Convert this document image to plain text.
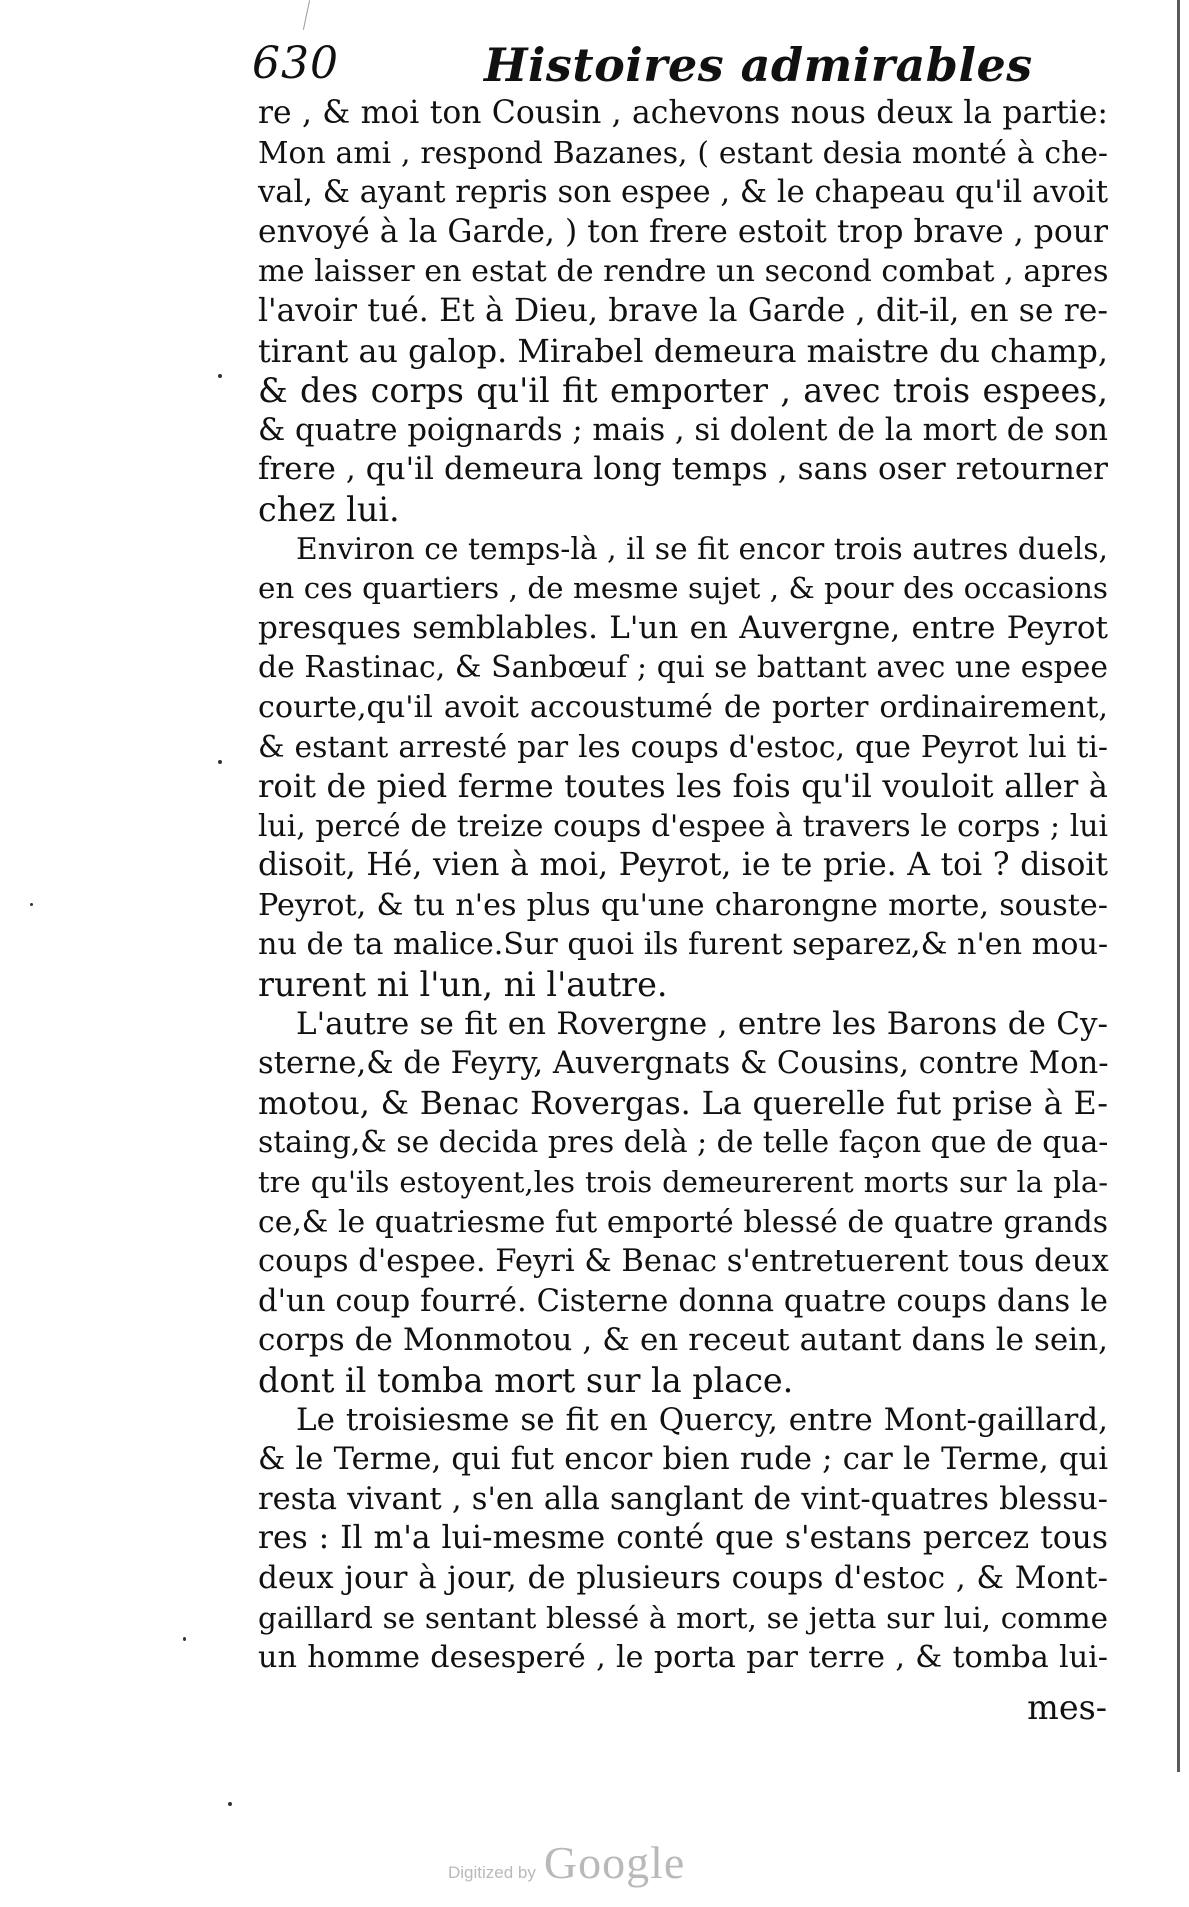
630	Histoires admirables
re , & moi ton Cousin , achevons nous deux la partie:
Mon ami , respond Bazanes, ( estant desia monté à che-
val, & ayant repris son espee , & le chapeau qu'il avoit
envoyé à la Garde, ) ton frere estoit trop brave , pour
me laisser en estat de rendre un second combat , apres
l'avoir tué. Et à Dieu, brave la Garde , dit-il, en se re-
tirant au galop. Mirabel demeura maistre du champ,
& des corps qu'il fit emporter , avec trois espees,
& quatre poignards ; mais , si dolent de la mort de son
frere , qu'il demeura long temps , sans oser retourner
chez lui.
Environ ce temps-là , il se fit encor trois autres duels,
en ces quartiers , de mesme sujet , & pour des occasions
presques semblables. L'un en Auvergne, entre Peyrot
de Rastinac, & Sanbœuf ; qui se battant avec une espee
courte,qu'il avoit accoustumé de porter ordinairement,
& estant arresté par les coups d'estoc, que Peyrot lui ti-
roit de pied ferme toutes les fois qu'il vouloit aller à
lui, percé de treize coups d'espee à travers le corps ; lui
disoit, Hé, vien à moi, Peyrot, ie te prie. A toi ? disoit
Peyrot, & tu n'es plus qu'une charongne morte, souste-
nu de ta malice.Sur quoi ils furent separez,& n'en mou-
rurent ni l'un, ni l'autre.
L'autre se fit en Rovergne , entre les Barons de Cy-
sterne,& de Feyry, Auvergnats & Cousins, contre Mon-
motou, & Benac Rovergas. La querelle fut prise à E-
staing,& se decida pres delà ; de telle façon que de qua-
tre qu'ils estoyent,les trois demeurerent morts sur la pla-
ce,& le quatriesme fut emporté blessé de quatre grands
coups d'espee. Feyri & Benac s'entretuerent tous deux
d'un coup fourré. Cisterne donna quatre coups dans le
corps de Monmotou , & en receut autant dans le sein,
dont il tomba mort sur la place.
Le troisiesme se fit en Quercy, entre Mont-gaillard,
& le Terme, qui fut encor bien rude ; car le Terme, qui
resta vivant , s'en alla sanglant de vint-quatres blessu-
res : Il m'a lui-mesme conté que s'estans percez tous
deux jour à jour, de plusieurs coups d'estoc , & Mont-
gaillard se sentant blessé à mort, se jetta sur lui, comme
un homme desesperé , le porta par terre , & tomba lui-
mes-
Digitized by Google
